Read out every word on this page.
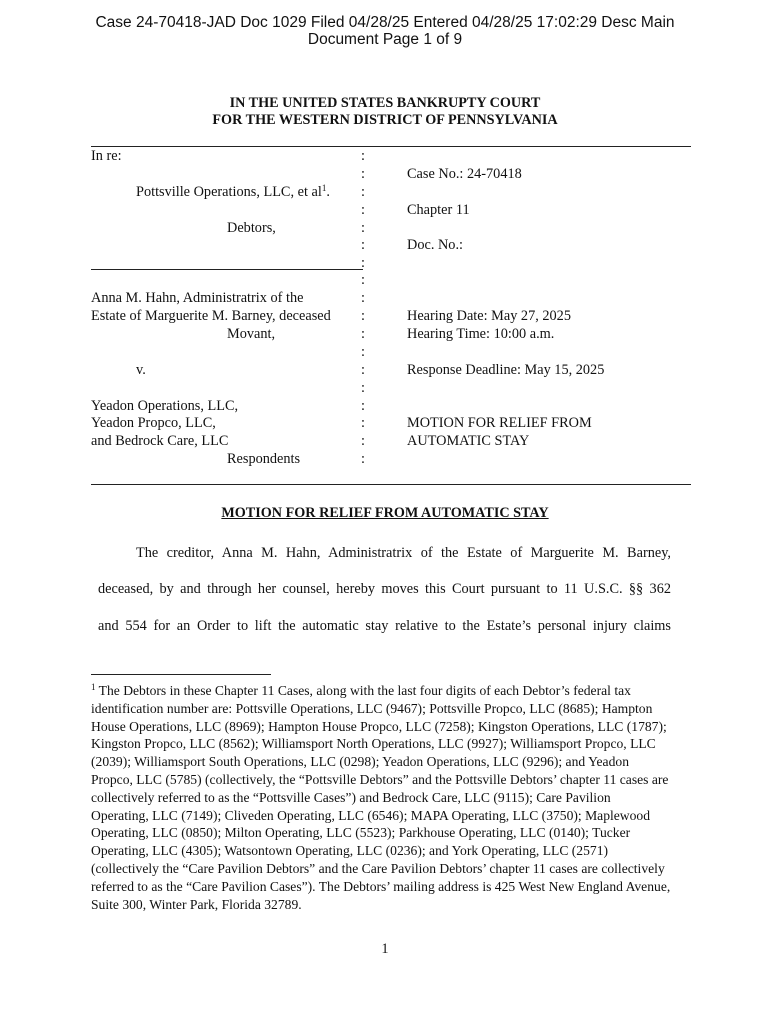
Case 24-70418-JAD Doc 1029 Filed 04/28/25 Entered 04/28/25 17:02:29 Desc Main
Document Page 1 of 9
IN THE UNITED STATES BANKRUPTY COURT
FOR THE WESTERN DISTRICT OF PENNSYLVANIA
In re:
Pottsville Operations, LLC, et $al^1$.
Debtors,
Anna M. Hahn, Administratrix of the
Estate of Marguerite M. Barney, deceased
Movant,
v.
Yeadon Operations, LLC,
Yeadon Propco, LLC,
and Bedrock Care, LLC
Respondents
:
:
:
:
:
:
:
:
:
:
:
:
:
:
:
:
:
:
Case No.: 24-70418
Chapter 11
Doc. No.:
Hearing Date: May 27, 2025
Hearing Time: 10:00 a.m.
Response Deadline: May 15, 2025
MOTION FOR RELIEF FROM
AUTOMATIC STAY
MOTION FOR RELIEF FROM AUTOMATIC STAY
The creditor, Anna M. Hahn, Administratrix of the Estate of Marguerite M. Barney,
deceased, by and through her counsel, hereby moves this Court pursuant to 11 U.S.C. §§ 362
and 554 for an Order to lift the automatic stay relative to the Estate’s personal injury claims
$^1$ The Debtors in these Chapter 11 Cases, along with the last four digits of each Debtor’s federal tax identification number are: Pottsville Operations, LLC (9467); Pottsville Propco, LLC (8685); Hampton House Operations, LLC (8969); Hampton House Propco, LLC (7258); Kingston Operations, LLC (1787); Kingston Propco, LLC (8562); Williamsport North Operations, LLC (9927); Williamsport Propco, LLC (2039); Williamsport South Operations, LLC (0298); Yeadon Operations, LLC (9296); and Yeadon Propco, LLC (5785) (collectively, the “Pottsville Debtors” and the Pottsville Debtors’ chapter 11 cases are collectively referred to as the “Pottsville Cases”) and Bedrock Care, LLC (9115); Care Pavilion Operating, LLC (7149); Cliveden Operating, LLC (6546); MAPA Operating, LLC (3750); Maplewood Operating, LLC (0850); Milton Operating, LLC (5523); Parkhouse Operating, LLC (0140); Tucker Operating, LLC (4305); Watsontown Operating, LLC (0236); and York Operating, LLC (2571) (collectively the “Care Pavilion Debtors” and the Care Pavilion Debtors’ chapter 11 cases are collectively referred to as the “Care Pavilion Cases”). The Debtors’ mailing address is 425 West New England Avenue, Suite 300, Winter Park, Florida 32789.
1
